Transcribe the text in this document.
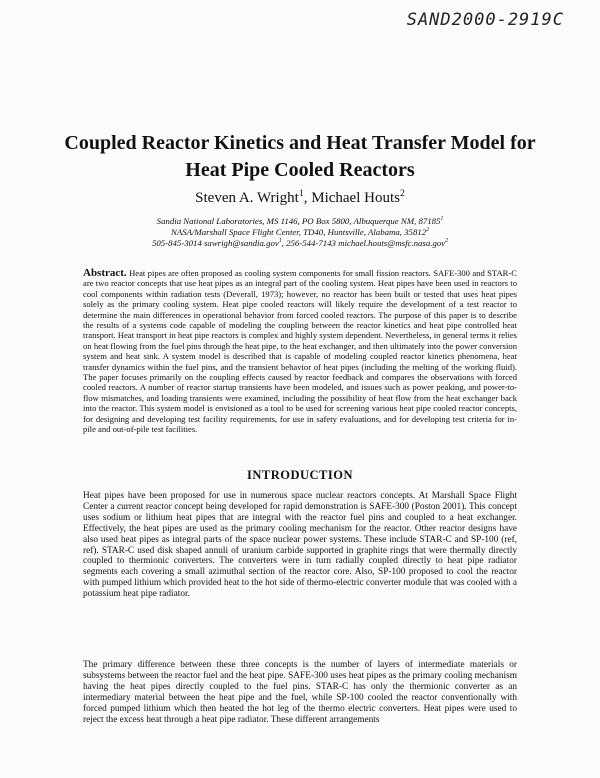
SAND2000-2919C
Coupled Reactor Kinetics and Heat Transfer Model for
Heat Pipe Cooled Reactors
Steven A. Wright$^1$, Michael Houts$^2$
Sandia National Laboratories, MS 1146, PO Box 5800, Albuquerque NM, 87185$^1$
NASA/Marshall Space Flight Center, TD40, Huntsville, Alabama, 35812$^2$
505-845-3014 sawrigh@sandia.gov$^1$, 256-544-7143 michael.houts@msfc.nasa.gov$^2$
Abstract. Heat pipes are often proposed as cooling system components for small fission reactors. SAFE-300 and STAR-C are two reactor concepts that use heat pipes as an integral part of the cooling system. Heat pipes have been used in reactors to cool components within radiation tests (Deverall, 1973); however, no reactor has been built or tested that uses heat pipes solely as the primary cooling system. Heat pipe cooled reactors will likely require the development of a test reactor to determine the main differences in operational behavior from forced cooled reactors. The purpose of this paper is to describe the results of a systems code capable of modeling the coupling between the reactor kinetics and heat pipe controlled heat transport. Heat transport in heat pipe reactors is complex and highly system dependent. Nevertheless, in general terms it relies on heat flowing from the fuel pins through the heat pipe, to the heat exchanger, and then ultimately into the power conversion system and heat sink. A system model is described that is capable of modeling coupled reactor kinetics phenomena, heat transfer dynamics within the fuel pins, and the transient behavior of heat pipes (including the melting of the working fluid). The paper focuses primarily on the coupling effects caused by reactor feedback and compares the observations with forced cooled reactors. A number of reactor startup transients have been modeled, and issues such as power peaking, and power-to-flow mismatches, and loading transients were examined, including the possibility of heat flow from the heat exchanger back into the reactor. This system model is envisioned as a tool to be used for screening various heat pipe cooled reactor concepts, for designing and developing test facility requirements, for use in safety evaluations, and for developing test criteria for in-pile and out-of-pile test facilities.
INTRODUCTION
Heat pipes have been proposed for use in numerous space nuclear reactors concepts. At Marshall Space Flight Center a current reactor concept being developed for rapid demonstration is SAFE-300 (Poston 2001). This concept uses sodium or lithium heat pipes that are integral with the reactor fuel pins and coupled to a heat exchanger. Effectively, the heat pipes are used as the primary cooling mechanism for the reactor. Other reactor designs have also used heat pipes as integral parts of the space nuclear power systems. These include STAR-C and SP-100 (ref, ref). STAR-C used disk shaped annuli of uranium carbide supported in graphite rings that were thermally directly coupled to thermionic converters. The converters were in turn radially coupled directly to heat pipe radiator segments each covering a small azimuthal section of the reactor core. Also, SP-100 proposed to cool the reactor with pumped lithium which provided heat to the hot side of thermo-electric converter module that was cooled with a potassium heat pipe radiator.
The primary difference between these three concepts is the number of layers of intermediate materials or subsystems between the reactor fuel and the heat pipe. SAFE-300 uses heat pipes as the primary cooling mechanism having the heat pipes directly coupled to the fuel pins. STAR-C has only the thermionic converter as an intermediary material between the heat pipe and the fuel, while SP-100 cooled the reactor conventionally with forced pumped lithium which then heated the hot leg of the thermo electric converters. Heat pipes were used to reject the excess heat through a heat pipe radiator. These different arrangements
